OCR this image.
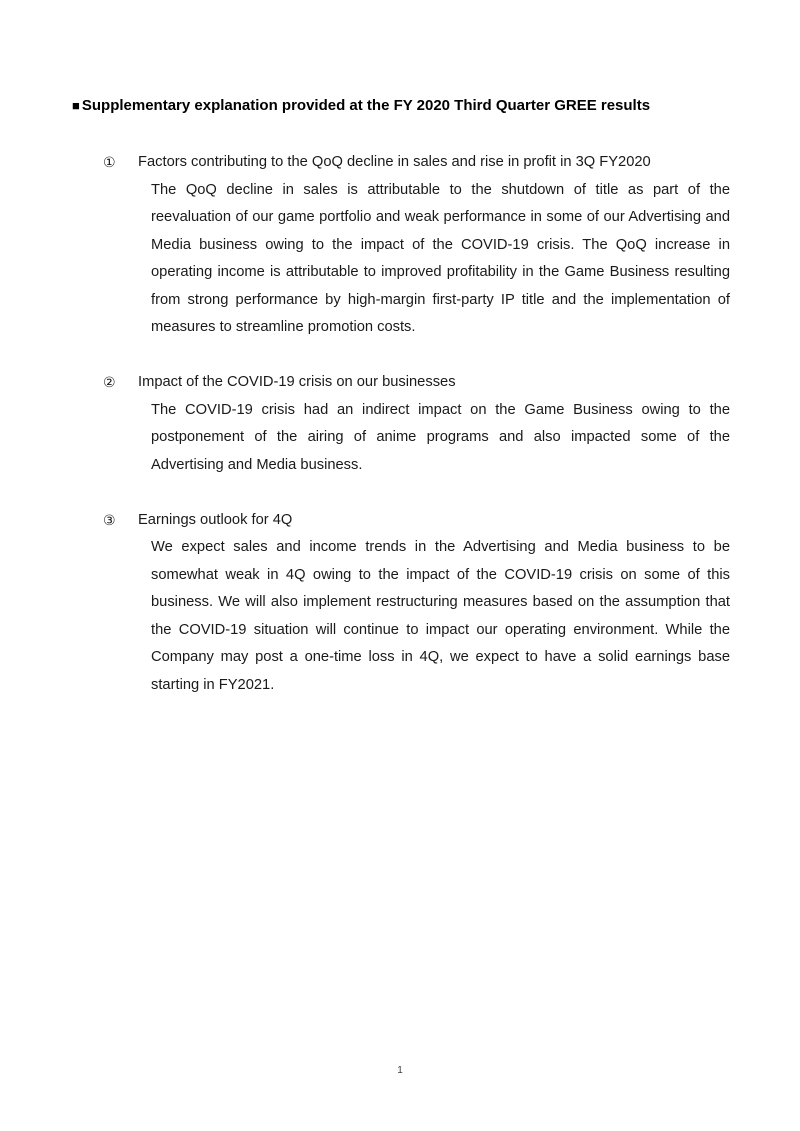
■ Supplementary explanation provided at the FY 2020 Third Quarter GREE results
①	Factors contributing to the QoQ decline in sales and rise in profit in 3Q FY2020
The QoQ decline in sales is attributable to the shutdown of title as part of the reevaluation of our game portfolio and weak performance in some of our Advertising and Media business owing to the impact of the COVID-19 crisis. The QoQ increase in operating income is attributable to improved profitability in the Game Business resulting from strong performance by high-margin first-party IP title and the implementation of measures to streamline promotion costs.
②	Impact of the COVID-19 crisis on our businesses
The COVID-19 crisis had an indirect impact on the Game Business owing to the postponement of the airing of anime programs and also impacted some of the Advertising and Media business.
③	Earnings outlook for 4Q
We expect sales and income trends in the Advertising and Media business to be somewhat weak in 4Q owing to the impact of the COVID-19 crisis on some of this business. We will also implement restructuring measures based on the assumption that the COVID-19 situation will continue to impact our operating environment. While the Company may post a one-time loss in 4Q, we expect to have a solid earnings base starting in FY2021.
1
